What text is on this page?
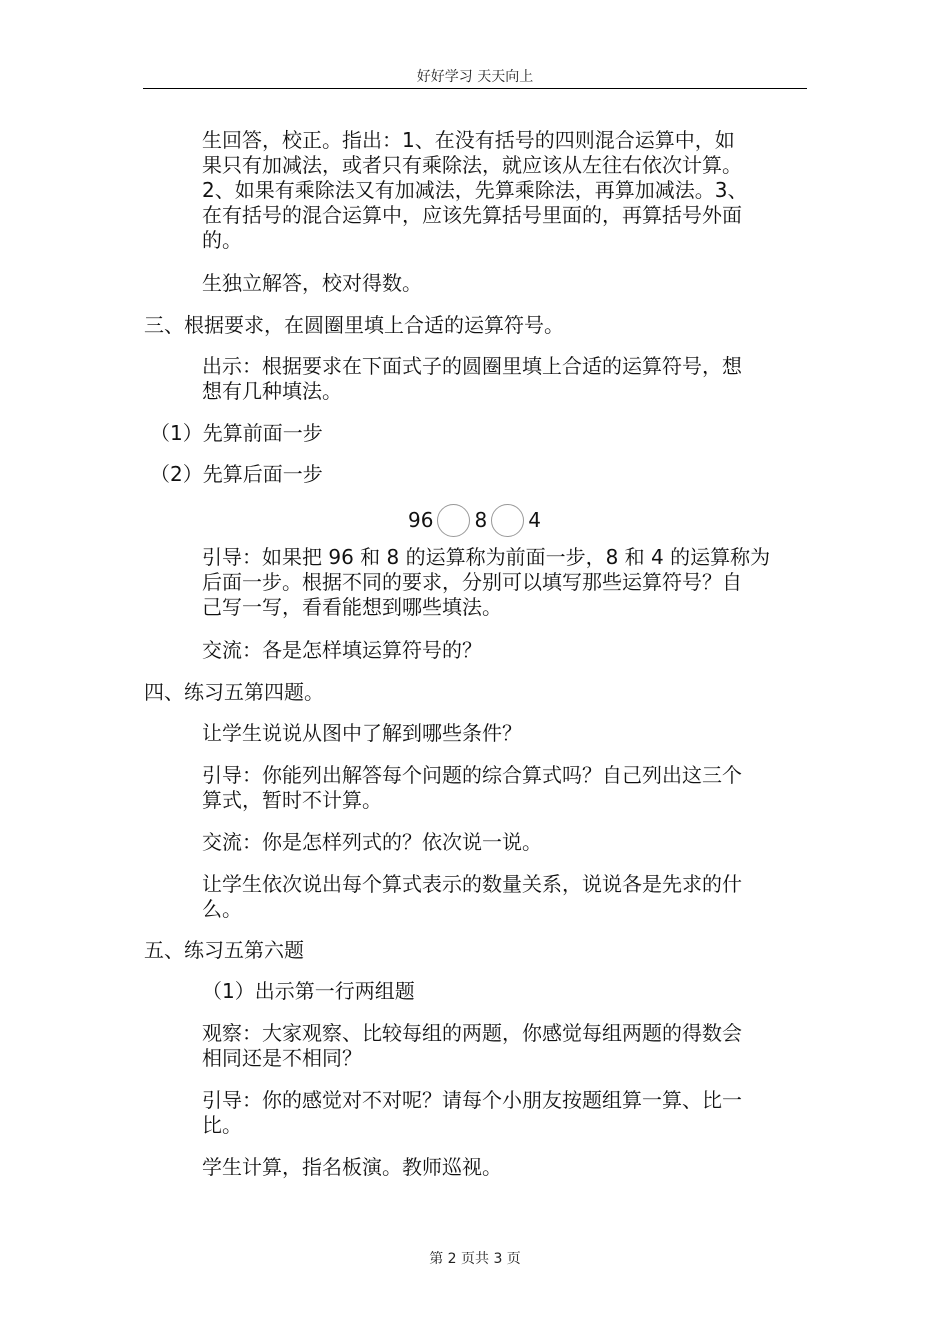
好好学习 天天向上
生回答，校正。指出：1、在没有括号的四则混合运算中，如
果只有加减法，或者只有乘除法，就应该从左往右依次计算。
2、如果有乘除法又有加减法，先算乘除法，再算加减法。3、
在有括号的混合运算中，应该先算括号里面的，再算括号外面
的。
生独立解答，校对得数。
三、根据要求，在圆圈里填上合适的运算符号。
出示：根据要求在下面式子的圆圈里填上合适的运算符号，想
想有几种填法。
（1）先算前面一步
（2）先算后面一步
96 8 4
引导：如果把 96 和 8 的运算称为前面一步，8 和 4 的运算称为
后面一步。根据不同的要求，分别可以填写那些运算符号？自
己写一写，看看能想到哪些填法。
交流：各是怎样填运算符号的？
四、练习五第四题。
让学生说说从图中了解到哪些条件？
引导：你能列出解答每个问题的综合算式吗？自己列出这三个
算式，暂时不计算。
交流：你是怎样列式的？依次说一说。
让学生依次说出每个算式表示的数量关系，说说各是先求的什
么。
五、练习五第六题
（1）出示第一行两组题
观察：大家观察、比较每组的两题，你感觉每组两题的得数会
相同还是不相同？
引导：你的感觉对不对呢？请每个小朋友按题组算一算、比一
比。
学生计算，指名板演。教师巡视。
第 2 页共 3 页
